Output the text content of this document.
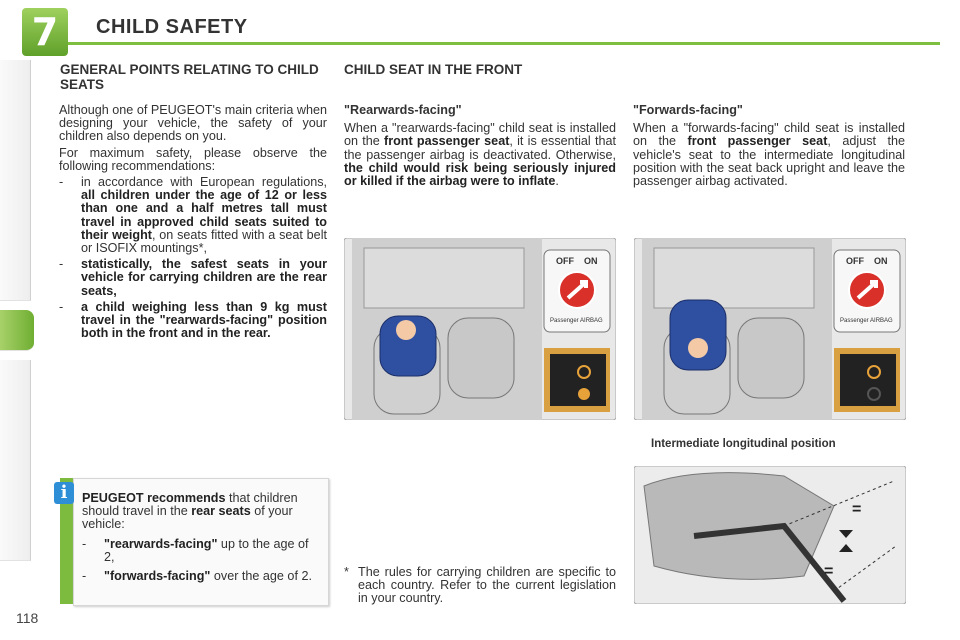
7	CHILD SAFETY
GENERAL POINTS RELATING TO CHILD SEATS
Although one of PEUGEOT's main criteria when designing your vehicle, the safety of your children also depends on you.
For maximum safety, please observe the following recommendations:
-	in accordance with European regulations, all children under the age of 12 or less than one and a half metres tall must travel in approved child seats suited to their weight, on seats fitted with a seat belt or ISOFIX mountings*,
-	statistically, the safest seats in your vehicle for carrying children are the rear seats,
-	a child weighing less than 9 kg must travel in the "rearwards-facing" position both in the front and in the rear.
i	PEUGEOT recommends that children should travel in the rear seats of your vehicle:
-	"rearwards-facing" up to the age of 2,
-	"forwards-facing" over the age of 2.
CHILD SEAT IN THE FRONT
"Rearwards-facing"
When a "rearwards-facing" child seat is installed on the front passenger seat, it is essential that the passenger airbag is deactivated. Otherwise, the child would risk being seriously injured or killed if the airbag were to inflate.
"Forwards-facing"
When a "forwards-facing" child seat is installed on the front passenger seat, adjust the vehicle's seat to the intermediate longitudinal position with the seat back upright and leave the passenger airbag activated.
OFF ON
Passenger AIRBAG
OFF ON
Passenger AIRBAG
Intermediate longitudinal position
=
=
* The rules for carrying children are specific to each country. Refer to the current legislation in your country.
118
